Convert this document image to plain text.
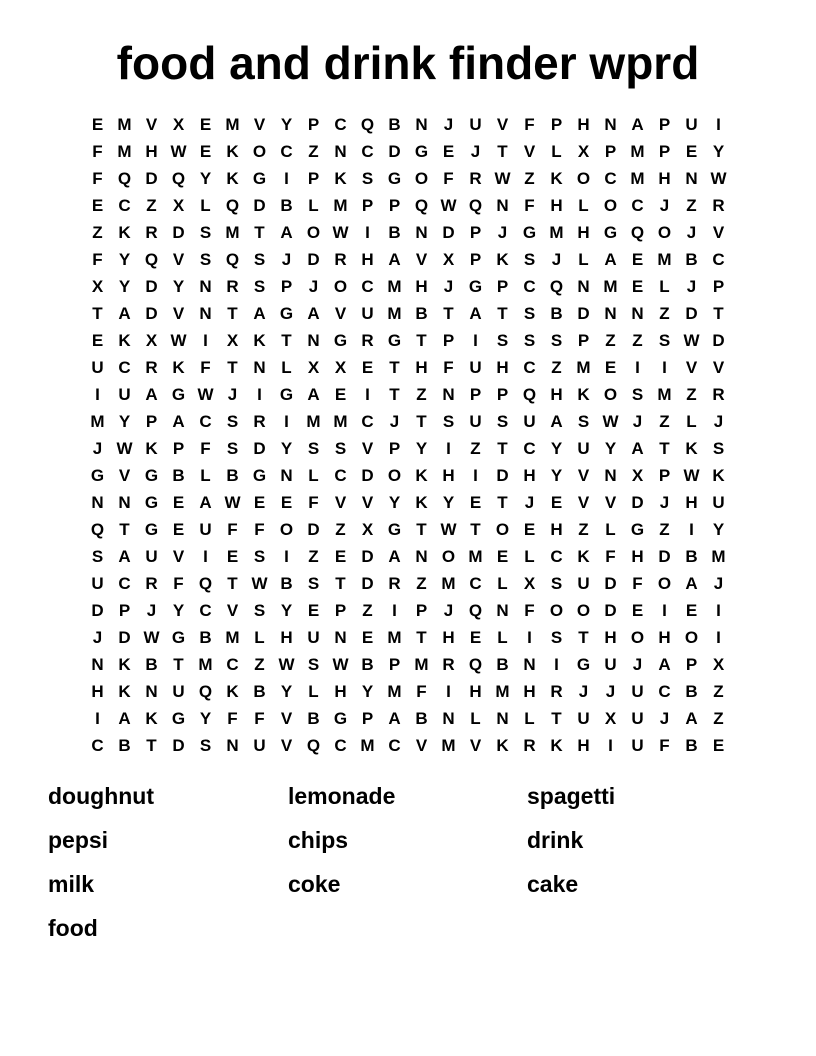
food and drink finder wprd
E M V X E M V Y P C Q B N J U V F P H N A P U	I
F M H W E K O C Z N C D G E J	T V L X P M P E Y
F Q D Q Y K G	I	P K S G O F R W Z K O C M H N W
E C Z X L Q D B L M P P Q W Q N F H L O C J	Z R
Z K R D S M T A O W I	B N D P J G M H G Q O J V
F Y Q V S Q S J D R H A V X P K S J	L A E M B C
X Y D Y N R S P J O C M H J G P C Q N M E L	J P
T A D V N T A G A V U M B T A T S B D N N Z D T
E K X W I	X K T N G R G T P	I	S S S P Z Z S W D
U C R K F T N L X X E T H F U H C Z M E	I	I	V V
I	U A G W J	I	G A E	I	T Z N P P Q H K O S M Z R
M Y P A C S R	I	M M C J	T S U S U A S W J	Z L	J
J W K P F S D Y S S V P Y	I	Z T C Y U Y A T K S
G V G B L B G N L C D O K H	I	D H Y V N X P W K
N N G E A W E E F V V Y K Y E T	J E V V D J H U
Q T G E U F F O D Z X G T W T O E H Z L G Z	I	Y
S A U V	I	E S	I	Z E D A N O M E L C K F H D B M
U C R F Q T W B S T D R Z M C L X S U D F O A J
D P J Y C V S Y E P Z	I	P J Q N F O O D E	I	E	I
J D W G B M L H U N E M T H E L	I	S T H O H O	I
N K B T M C Z W S W B P M R Q B N	I	G U J A P X
H K N U Q K B Y L H Y M F	I	H M H R J	J U C B Z
I	A K G Y F F V B G P A B N L N L T U X U J A Z
C B T D S N U V Q C M C V M V K R K H	I	U F B E
doughnut
pepsi
milk
food
lemonade
chips
coke
spagetti
drink
cake
